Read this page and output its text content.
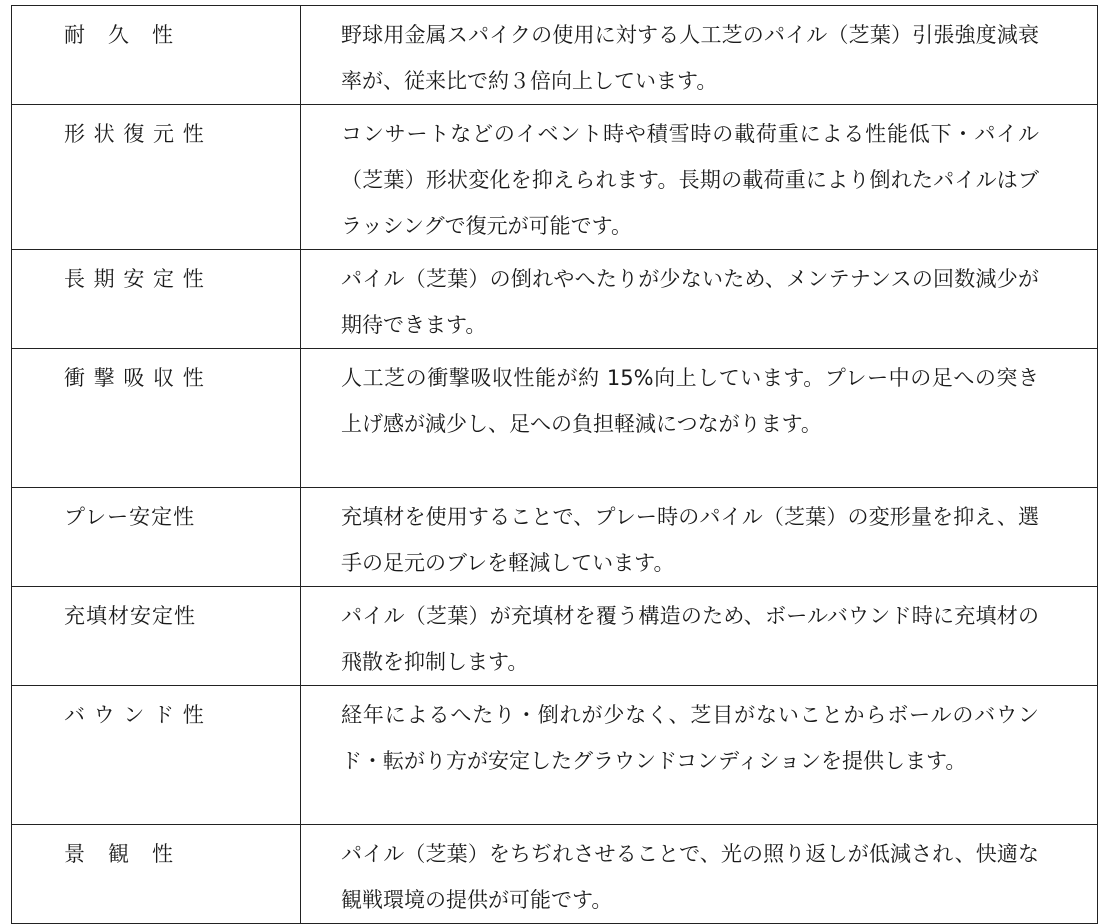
耐　久　性	野球用金属スパイクの使用に対する人工芝のパイル（芝葉）引張強度減衰率が、従来比で約３倍向上しています。
形 状 復 元 性	コンサートなどのイベント時や積雪時の載荷重による性能低下・パイル（芝葉）形状変化を抑えられます。長期の載荷重により倒れたパイルはブラッシングで復元が可能です。
長 期 安 定 性	パイル（芝葉）の倒れやへたりが少ないため、メンテナンスの回数減少が期待できます。
衝 撃 吸 収 性	人工芝の衝撃吸収性能が約 15%向上しています。プレー中の足への突き上げ感が減少し、足への負担軽減につながります。
プレー安定性	充填材を使用することで、プレー時のパイル（芝葉）の変形量を抑え、選手の足元のブレを軽減しています。
充填材安定性	パイル（芝葉）が充填材を覆う構造のため、ボールバウンド時に充填材の飛散を抑制します。
バ ウ ン ド 性	経年によるへたり・倒れが少なく、芝目がないことからボールのバウンド・転がり方が安定したグラウンドコンディションを提供します。
景　観　性	パイル（芝葉）をちぢれさせることで、光の照り返しが低減され、快適な観戦環境の提供が可能です。
